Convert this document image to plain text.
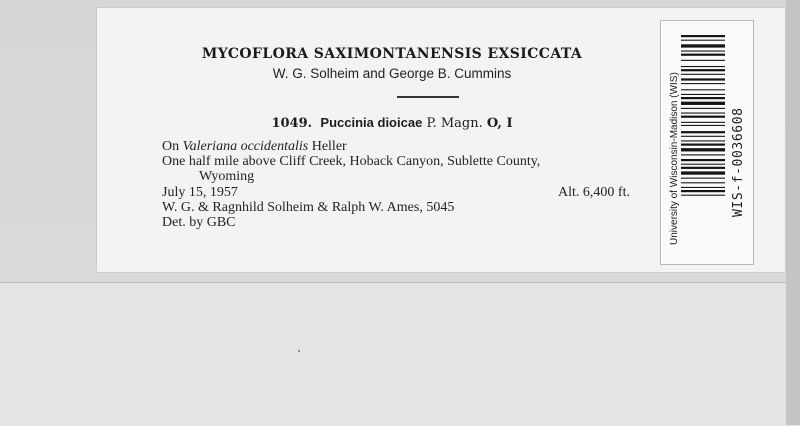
MYCOFLORA SAXIMONTANENSIS EXSICCATA
W. G. Solheim and George B. Cummins
1049. Puccinia dioicae P. Magn. O, I
On Valeriana occidentalis Heller
One half mile above Cliff Creek, Hoback Canyon, Sublette County,
Wyoming
July 15, 1957	Alt. 6,400 ft.
W. G. & Ragnhild Solheim & Ralph W. Ames, 5045
Det. by GBC	University of Wisconsin-Madison (WIS)	WIS-f-0036608
